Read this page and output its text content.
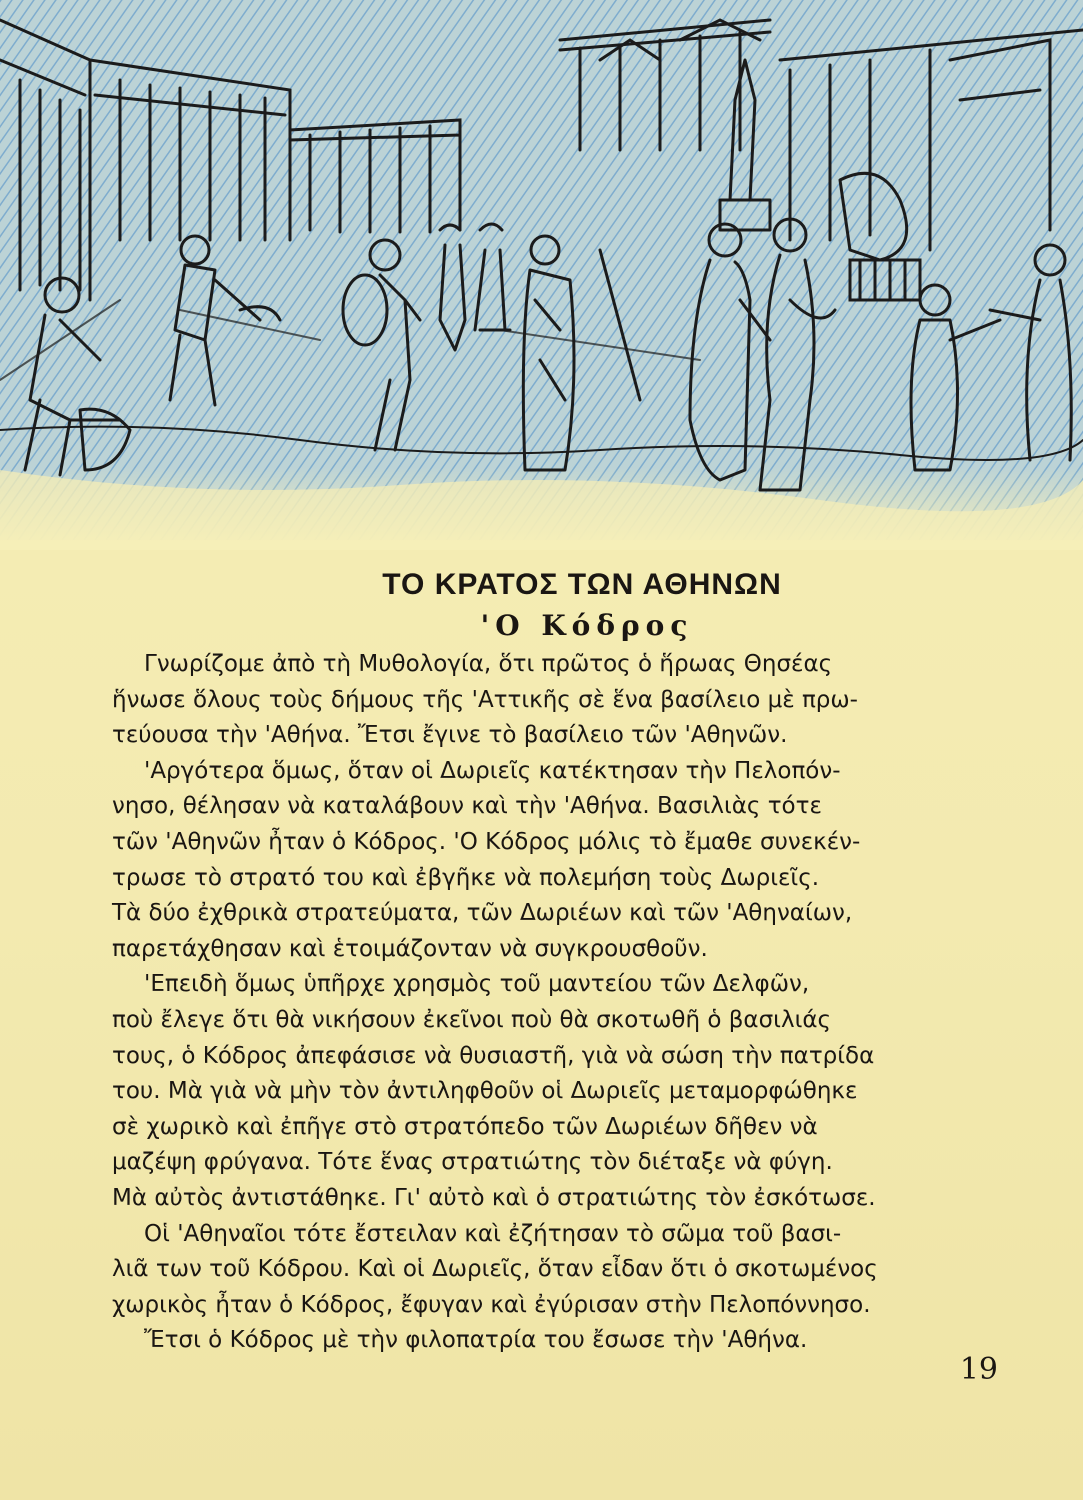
ΤΟ ΚΡΑΤΟΣ ΤΩΝ ΑΘΗΝΩΝ
'Ο Κόδρος

Γνωρίζομε ἀπὸ τὴ Μυθολογία, ὅτι πρῶτος ὁ ἥρωας Θησέας
ἥνωσε ὅλους τοὺς δήμους τῆς 'Αττικῆς σὲ ἕνα βασίλειο μὲ πρω-
τεύουσα τὴν 'Αθήνα. Ἔτσι ἔγινε τὸ βασίλειο τῶν 'Αθηνῶν.

'Αργότερα ὅμως, ὅταν οἱ Δωριεῖς κατέκτησαν τὴν Πελοπόν-
νησο, θέλησαν νὰ καταλάβουν καὶ τὴν 'Αθήνα. Βασιλιὰς τότε
τῶν 'Αθηνῶν ἦταν ὁ Κόδρος. 'Ο Κόδρος μόλις τὸ ἔμαθε συνεκέν-
τρωσε τὸ στρατό του καὶ ἐβγῆκε νὰ πολεμήση τοὺς Δωριεῖς.
Τὰ δύο ἐχθρικὰ στρατεύματα, τῶν Δωριέων καὶ τῶν 'Αθηναίων,
παρετάχθησαν καὶ ἑτοιμάζονταν νὰ συγκρουσθοῦν.

'Επειδὴ ὅμως ὑπῆρχε χρησμὸς τοῦ μαντείου τῶν Δελφῶν,
ποὺ ἔλεγε ὅτι θὰ νικήσουν ἐκεῖνοι ποὺ θὰ σκοτωθῆ ὁ βασιλιάς
τους, ὁ Κόδρος ἀπεφάσισε νὰ θυσιαστῆ, γιὰ νὰ σώση τὴν πατρίδα
του. Μὰ γιὰ νὰ μὴν τὸν ἀντιληφθοῦν οἱ Δωριεῖς μεταμορφώθηκε
σὲ χωρικὸ καὶ ἐπῆγε στὸ στρατόπεδο τῶν Δωριέων δῆθεν νὰ
μαζέψη φρύγανα. Τότε ἕνας στρατιώτης τὸν διέταξε νὰ φύγη.
Μὰ αὐτὸς ἀντιστάθηκε. Γι' αὐτὸ καὶ ὁ στρατιώτης τὸν ἐσκότωσε.

Οἱ 'Αθηναῖοι τότε ἔστειλαν καὶ ἐζήτησαν τὸ σῶμα τοῦ βασι-
λιᾶ των τοῦ Κόδρου. Καὶ οἱ Δωριεῖς, ὅταν εἶδαν ὅτι ὁ σκοτωμένος
χωρικὸς ἦταν ὁ Κόδρος, ἔφυγαν καὶ ἐγύρισαν στὴν Πελοπόννησο.

Ἔτσι ὁ Κόδρος μὲ τὴν φιλοπατρία του ἔσωσε τὴν 'Αθήνα.

19
